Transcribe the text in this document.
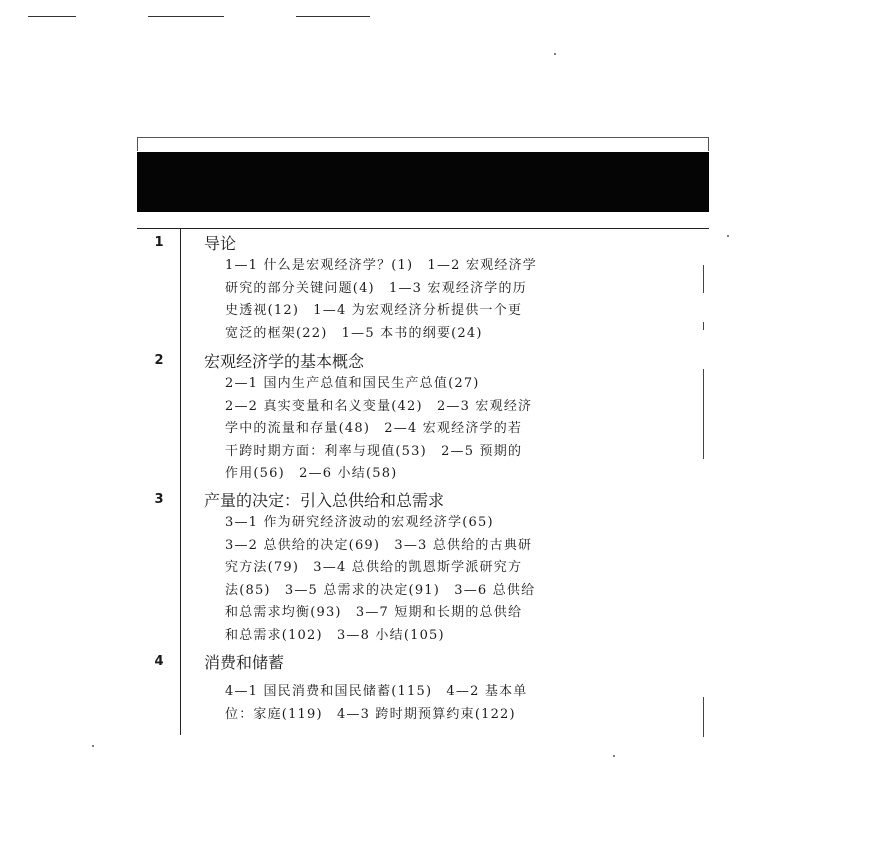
1	导论
1—1 什么是宏观经济学？(1)　1—2 宏观经济学
研究的部分关键问题(4)　1—3 宏观经济学的历
史透视(12)　1—4 为宏观经济分析提供一个更
宽泛的框架(22)　1—5 本书的纲要(24)
2	宏观经济学的基本概念
2—1 国内生产总值和国民生产总值(27)
2—2 真实变量和名义变量(42)　2—3 宏观经济
学中的流量和存量(48)　2—4 宏观经济学的若
干跨时期方面：利率与现值(53)　2—5 预期的
作用(56)　2—6 小结(58)
3	产量的决定：引入总供给和总需求
3—1 作为研究经济波动的宏观经济学(65)
3—2 总供给的决定(69)　3—3 总供给的古典研
究方法(79)　3—4 总供给的凯恩斯学派研究方
法(85)　3—5 总需求的决定(91)　3—6 总供给
和总需求均衡(93)　3—7 短期和长期的总供给
和总需求(102)　3—8 小结(105)
4	消费和储蓄
4—1 国民消费和国民储蓄(115)　4—2 基本单
位：家庭(119)　4—3 跨时期预算约束(122)
